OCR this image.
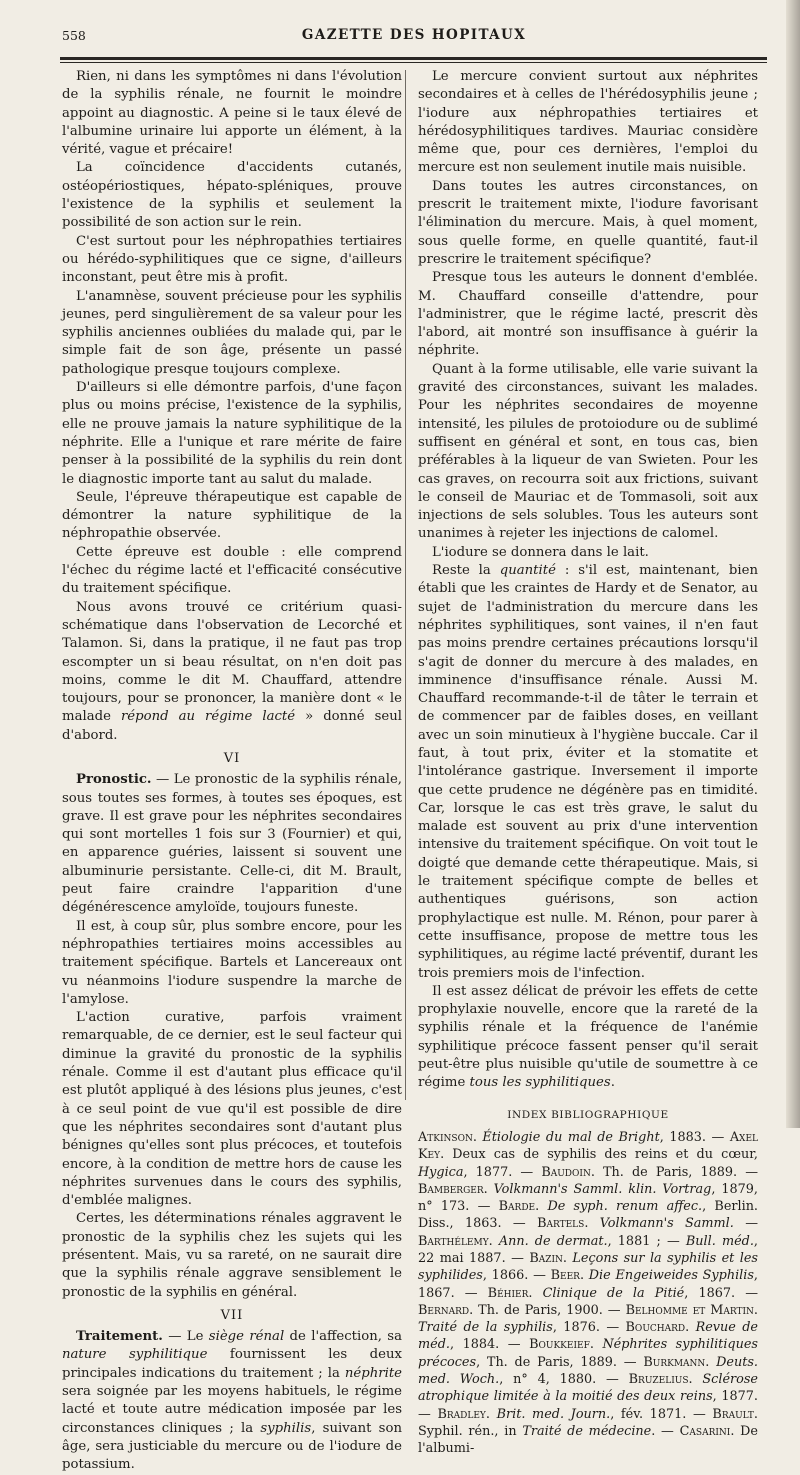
558	GAZETTE DES HOPITAUX

Rien, ni dans les symptômes ni dans l'évolution de la syphilis rénale, ne fournit le moindre appoint au diagnostic. A peine si le taux élevé de l'albumine urinaire lui apporte un élément, à la vérité, vague et précaire!

La coïncidence d'accidents cutanés, ostéopériostiques, hépato-spléniques, prouve l'existence de la syphilis et seulement la possibilité de son action sur le rein.

C'est surtout pour les néphropathies tertiaires ou hérédo-syphilitiques que ce signe, d'ailleurs inconstant, peut être mis à profit.

L'anamnèse, souvent précieuse pour les syphilis jeunes, perd singulièrement de sa valeur pour les syphilis anciennes oubliées du malade qui, par le simple fait de son âge, présente un passé pathologique presque toujours complexe.

D'ailleurs si elle démontre parfois, d'une façon plus ou moins précise, l'existence de la syphilis, elle ne prouve jamais la nature syphilitique de la néphrite. Elle a l'unique et rare mérite de faire penser à la possibilité de la syphilis du rein dont le diagnostic importe tant au salut du malade.

Seule, l'épreuve thérapeutique est capable de démontrer la nature syphilitique de la néphropathie observée.

Cette épreuve est double : elle comprend l'échec du régime lacté et l'efficacité consécutive du traitement spécifique.

Nous avons trouvé ce critérium quasi-schématique dans l'observation de Lecorché et Talamon. Si, dans la pratique, il ne faut pas trop escompter un si beau résultat, on n'en doit pas moins, comme le dit M. Chauffard, attendre toujours, pour se prononcer, la manière dont « le malade répond au régime lacté » donné seul d'abord.

VI

Pronostic. — Le pronostic de la syphilis rénale, sous toutes ses formes, à toutes ses époques, est grave. Il est grave pour les néphrites secondaires qui sont mortelles 1 fois sur 3 (Fournier) et qui, en apparence guéries, laissent si souvent une albuminurie persistante. Celle-ci, dit M. Brault, peut faire craindre l'apparition d'une dégénérescence amyloïde, toujours funeste.

Il est, à coup sûr, plus sombre encore, pour les néphropathies tertiaires moins accessibles au traitement spécifique. Bartels et Lancereaux ont vu néanmoins l'iodure suspendre la marche de l'amylose.

L'action curative, parfois vraiment remarquable, de ce dernier, est le seul facteur qui diminue la gravité du pronostic de la syphilis rénale. Comme il est d'autant plus efficace qu'il est plutôt appliqué à des lésions plus jeunes, c'est à ce seul point de vue qu'il est possible de dire que les néphrites secondaires sont d'autant plus bénignes qu'elles sont plus précoces, et toutefois encore, à la condition de mettre hors de cause les néphrites survenues dans le cours des syphilis, d'emblée malignes.

Certes, les déterminations rénales aggravent le pronostic de la syphilis chez les sujets qui les présentent. Mais, vu sa rareté, on ne saurait dire que la syphilis rénale aggrave sensiblement le pronostic de la syphilis en général.

VII

Traitement. — Le siège rénal de l'affection, sa nature syphilitique fournissent les deux principales indications du traitement ; la néphrite sera soignée par les moyens habituels, le régime lacté et toute autre médication imposée par les circonstances cliniques ; la syphilis, suivant son âge, sera justiciable du mercure ou de l'iodure de potassium.

Le mercure convient surtout aux néphrites secondaires et à celles de l'hérédosyphilis jeune ; l'iodure aux néphropathies tertiaires et hérédosyphilitiques tardives. Mauriac considère même que, pour ces dernières, l'emploi du mercure est non seulement inutile mais nuisible.

Dans toutes les autres circonstances, on prescrit le traitement mixte, l'iodure favorisant l'élimination du mercure. Mais, à quel moment, sous quelle forme, en quelle quantité, faut-il prescrire le traitement spécifique?

Presque tous les auteurs le donnent d'emblée. M. Chauffard conseille d'attendre, pour l'administrer, que le régime lacté, prescrit dès l'abord, ait montré son insuffisance à guérir la néphrite.

Quant à la forme utilisable, elle varie suivant la gravité des circonstances, suivant les malades. Pour les néphrites secondaires de moyenne intensité, les pilules de protoiodure ou de sublimé suffisent en général et sont, en tous cas, bien préférables à la liqueur de van Swieten. Pour les cas graves, on recourra soit aux frictions, suivant le conseil de Mauriac et de Tommasoli, soit aux injections de sels solubles. Tous les auteurs sont unanimes à rejeter les injections de calomel.

L'iodure se donnera dans le lait.

Reste la quantité : s'il est, maintenant, bien établi que les craintes de Hardy et de Senator, au sujet de l'administration du mercure dans les néphrites syphilitiques, sont vaines, il n'en faut pas moins prendre certaines précautions lorsqu'il s'agit de donner du mercure à des malades, en imminence d'insuffisance rénale. Aussi M. Chauffard recommande-t-il de tâter le terrain et de commencer par de faibles doses, en veillant avec un soin minutieux à l'hygiène buccale. Car il faut, à tout prix, éviter et la stomatite et l'intolérance gastrique. Inversement il importe que cette prudence ne dégénère pas en timidité. Car, lorsque le cas est très grave, le salut du malade est souvent au prix d'une intervention intensive du traitement spécifique. On voit tout le doigté que demande cette thérapeutique. Mais, si le traitement spécifique compte de belles et authentiques guérisons, son action prophylactique est nulle. M. Rénon, pour parer à cette insuffisance, propose de mettre tous les syphilitiques, au régime lacté préventif, durant les trois premiers mois de l'infection.

Il est assez délicat de prévoir les effets de cette prophylaxie nouvelle, encore que la rareté de la syphilis rénale et la fréquence de l'anémie syphilitique précoce fassent penser qu'il serait peut-être plus nuisible qu'utile de soumettre à ce régime tous les syphilitiques.

INDEX BIBLIOGRAPHIQUE

Atkinson. Étiologie du mal de Bright, 1883. — Axel Key. Deux cas de syphilis des reins et du cœur, Hygica, 1877. — Baudoin. Th. de Paris, 1889. — Bamberger. Volkmann's Samml. klin. Vortrag, 1879, n° 173. — Barde. De syph. renum affec., Berlin. Diss., 1863. — Bartels. Volkmann's Samml. — Barthélemy. Ann. de dermat., 1881 ; — Bull. méd., 22 mai 1887. — Bazin. Leçons sur la syphilis et les syphilides, 1866. — Beer. Die Engeiweides Syphilis, 1867. — Béhier. Clinique de la Pitié, 1867. — Bernard. Th. de Paris, 1900. — Belhomme et Martin. Traité de la syphilis, 1876. — Bouchard. Revue de méd., 1884. — Boukkeief. Néphrites syphilitiques précoces, Th. de Paris, 1889. — Burkmann. Deuts. med. Woch., n° 4, 1880. — Bruzelius. Sclérose atrophique limitée à la moitié des deux reins, 1877. — Bradley. Brit. med. Journ., fév. 1871. — Brault. Syphil. rén., in Traité de médecine. — Casarini. De l'albumi-
